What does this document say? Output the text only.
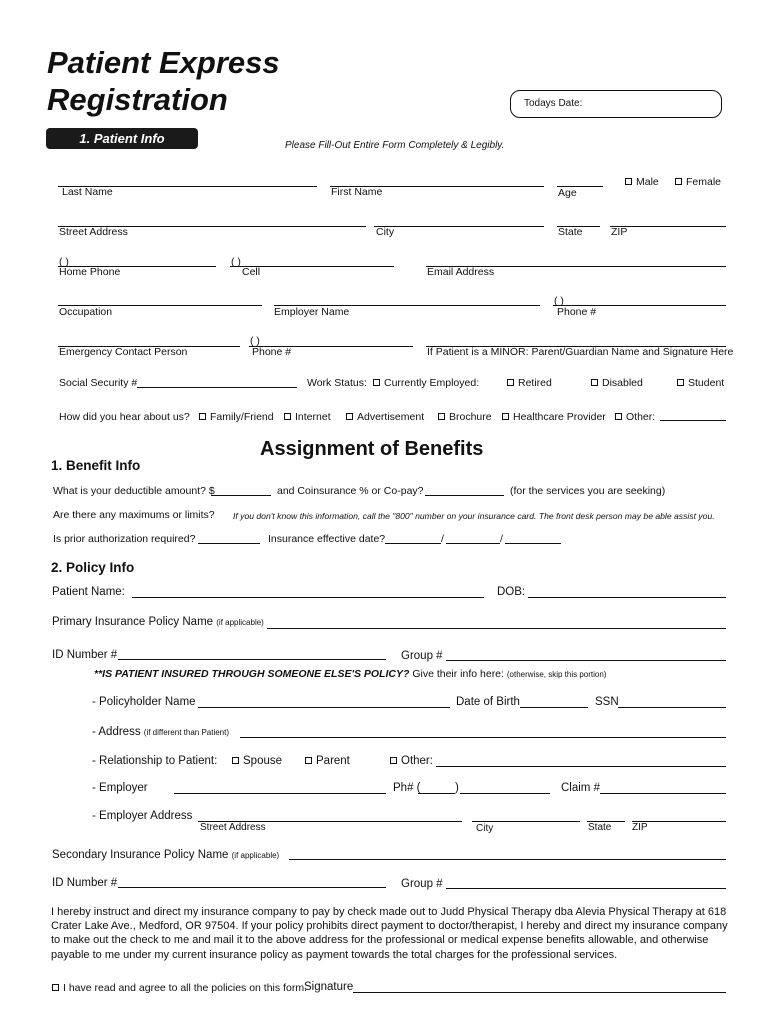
Patient Express
Registration	Todays Date:
1. Patient Info	Please Fill-Out Entire Form Completely & Legibly.
Male	Female
Last Name	First Name	Age
Street Address	City	State	ZIP
( )	( )
Home Phone	Cell	Email Address
( )
Occupation	Employer Name	Phone #
( )
Emergency Contact Person	Phone #	If Patient is a MINOR: Parent/Guardian Name and Signature Here
Social Security #	Work Status:	Currently Employed:	Retired	Disabled	Student
How did you hear about us?	Family/Friend	Internet	Advertisement	Brochure	Healthcare Provider	Other:
Assignment of Benefits
1. Benefit Info
What is your deductible amount? $	and Coinsurance % or Co-pay?	(for the services you are seeking)
Are there any maximums or limits? If you don't know this information, call the "800" number on your insurance card. The front desk person may be able assist you.
Is prior authorization required?	Insurance effective date?	/	/
2. Policy Info
Patient Name:	DOB:
Primary Insurance Policy Name (if applicable)
ID Number #	Group #
**IS PATIENT INSURED THROUGH SOMEONE ELSE'S POLICY? Give their info here: (otherwise, skip this portion)
- Policyholder Name	Date of Birth	SSN
- Address (if different than Patient)
- Relationship to Patient:	Spouse	Parent	Other:
- Employer	Ph# (	)	Claim #
- Employer Address
Street Address	City	State ZIP
Secondary Insurance Policy Name (if applicable)
ID Number #	Group #
I hereby instruct and direct my insurance company to pay by check made out to Judd Physical Therapy dba Alevia Physical Therapy at 618 Crater Lake Ave., Medford, OR 97504. If your policy prohibits direct payment to doctor/therapist, I hereby and direct my insurance company to make out the check to me and mail it to the above address for the professional or medical expense benefits allowable, and otherwise payable to me under my current insurance policy as payment towards the total charges for the professional services.
I have read and agree to all the policies on this form.
Signature
